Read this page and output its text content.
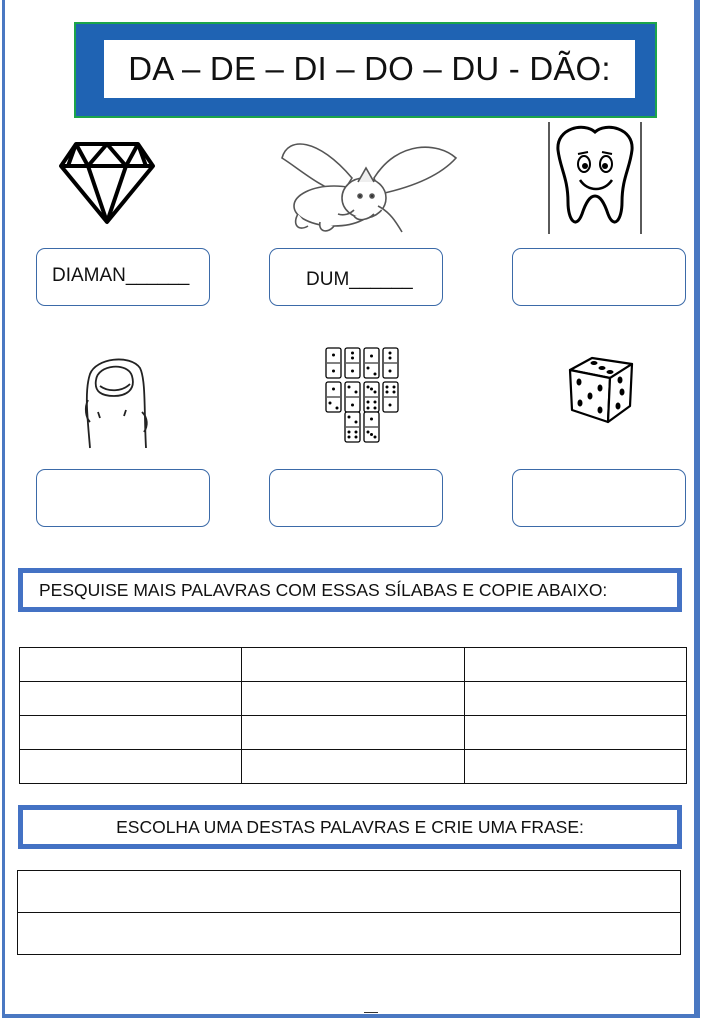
DA – DE – DI – DO – DU - DÃO:
DIAMAN______	DUM______
PESQUISE MAIS PALAVRAS COM ESSAS SÍLABAS E COPIE ABAIXO:

ESCOLHA UMA DESTAS PALAVRAS E CRIE UMA FRASE:
